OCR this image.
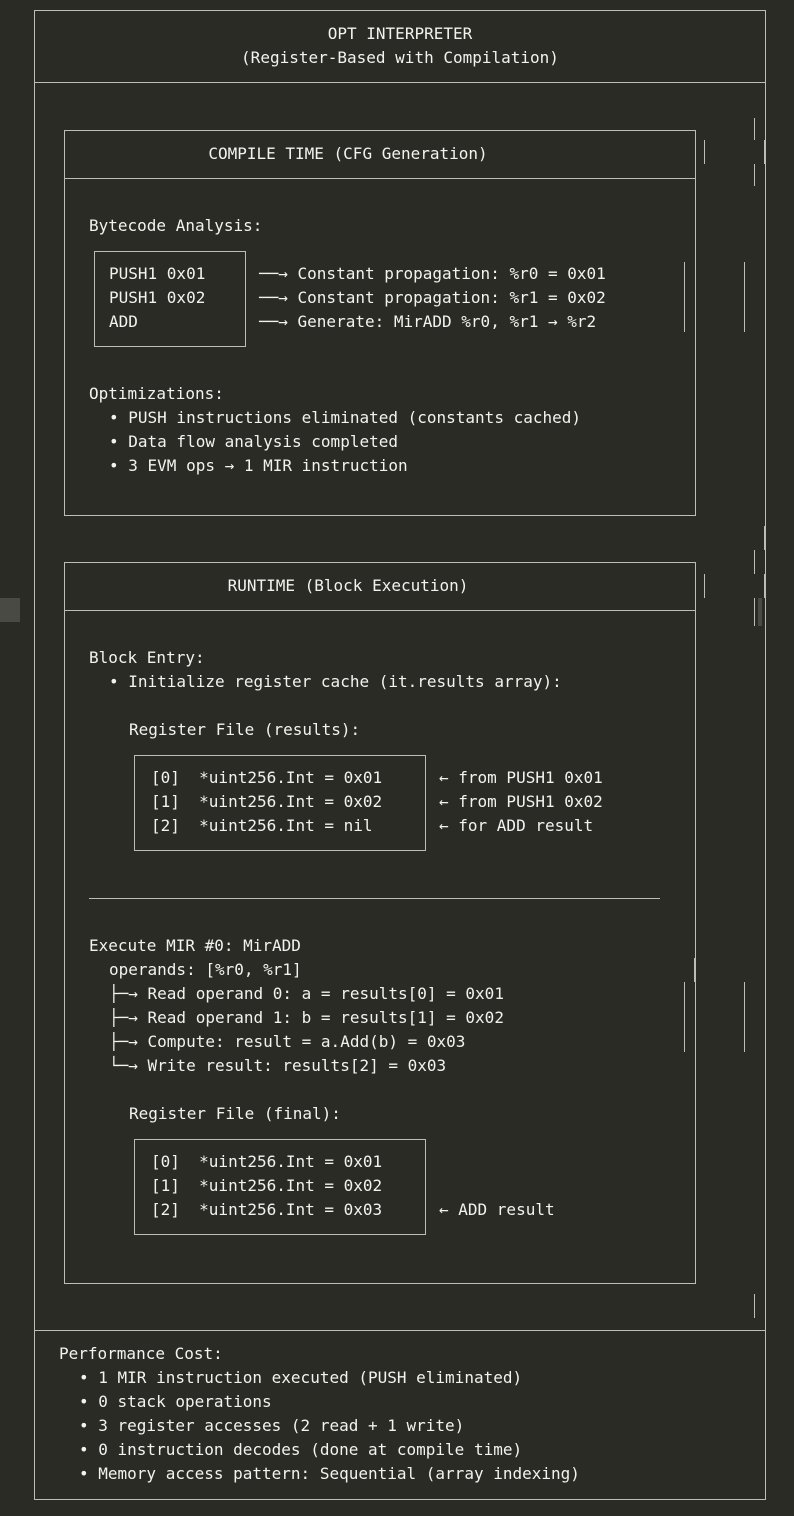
OPT INTERPRETER
(Register-Based with Compilation)
COMPILE TIME (CFG Generation)
Bytecode Analysis:
PUSH1 0x01
PUSH1 0x02
ADD
──→ Constant propagation: %r0 = 0x01
──→ Constant propagation: %r1 = 0x02
──→ Generate: MirADD %r0, %r1 → %r2
Optimizations:
• PUSH instructions eliminated (constants cached)
• Data flow analysis completed
• 3 EVM ops → 1 MIR instruction
RUNTIME (Block Execution)
Block Entry:
• Initialize register cache (it.results array):
Register File (results):
[0]  *uint256.Int = 0x01
[1]  *uint256.Int = 0x02
[2]  *uint256.Int = nil
← from PUSH1 0x01
← from PUSH1 0x02
← for ADD result
Execute MIR #0: MirADD
operands: [%r0, %r1]
├─→ Read operand 0: a = results[0] = 0x01
├─→ Read operand 1: b = results[1] = 0x02
├─→ Compute: result = a.Add(b) = 0x03
└─→ Write result: results[2] = 0x03
Register File (final):
[0]  *uint256.Int = 0x01
[1]  *uint256.Int = 0x02
[2]  *uint256.Int = 0x03	← ADD result
Performance Cost:
• 1 MIR instruction executed (PUSH eliminated)
• 0 stack operations
• 3 register accesses (2 read + 1 write)
• 0 instruction decodes (done at compile time)
• Memory access pattern: Sequential (array indexing)
